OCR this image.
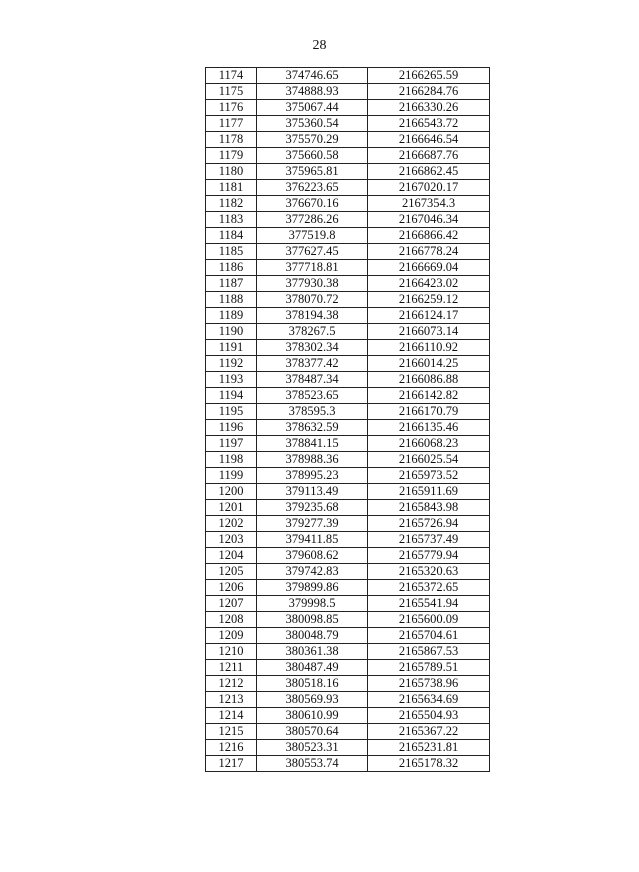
28
1174	374746.65	2166265.59
1175	374888.93	2166284.76
1176	375067.44	2166330.26
1177	375360.54	2166543.72
1178	375570.29	2166646.54
1179	375660.58	2166687.76
1180	375965.81	2166862.45
1181	376223.65	2167020.17
1182	376670.16	2167354.3
1183	377286.26	2167046.34
1184	377519.8	2166866.42
1185	377627.45	2166778.24
1186	377718.81	2166669.04
1187	377930.38	2166423.02
1188	378070.72	2166259.12
1189	378194.38	2166124.17
1190	378267.5	2166073.14
1191	378302.34	2166110.92
1192	378377.42	2166014.25
1193	378487.34	2166086.88
1194	378523.65	2166142.82
1195	378595.3	2166170.79
1196	378632.59	2166135.46
1197	378841.15	2166068.23
1198	378988.36	2166025.54
1199	378995.23	2165973.52
1200	379113.49	2165911.69
1201	379235.68	2165843.98
1202	379277.39	2165726.94
1203	379411.85	2165737.49
1204	379608.62	2165779.94
1205	379742.83	2165320.63
1206	379899.86	2165372.65
1207	379998.5	2165541.94
1208	380098.85	2165600.09
1209	380048.79	2165704.61
1210	380361.38	2165867.53
1211	380487.49	2165789.51
1212	380518.16	2165738.96
1213	380569.93	2165634.69
1214	380610.99	2165504.93
1215	380570.64	2165367.22
1216	380523.31	2165231.81
1217	380553.74	2165178.32
